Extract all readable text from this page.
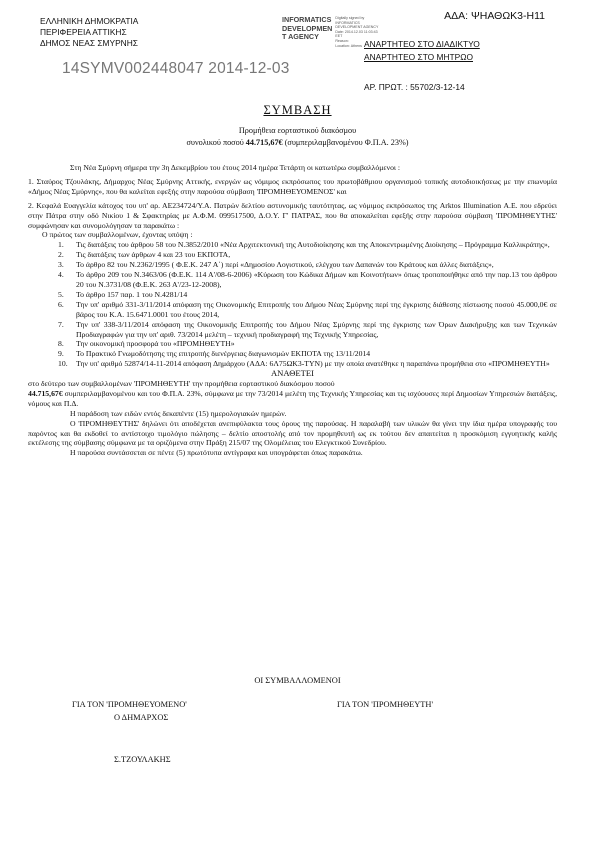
ΑΔΑ: ΨΗΑΘΩΚ3-Η11
ΕΛΛΗΝΙΚΗ ΔΗΜΟΚΡΑΤΙΑ
ΠΕΡΙΦΕΡΕΙΑ ΑΤΤΙΚΗΣ
ΔΗΜΟΣ ΝΕΑΣ ΣΜΥΡΝΗΣ
INFORMATICS
DEVELOPMEN
T AGENCY
Digitally signed by
INFORMATICS
DEVELOPMENT AGENCY
Date: 2014.12.03 11:03:43
EET
Reason:
Location: Athens ΑΝΑΡΤΗΤΕΟ ΣΤΟ ΔΙΑΔΙΚΤΥΟ
ΑΝΑΡΤΗΤΕΟ ΣΤΟ ΜΗΤΡΩΟ
14SYMV002448047 2014-12-03
ΑΡ. ΠΡΩΤ. : 55702/3-12-14
ΣΥΜΒΑΣΗ
Προμήθεια εορταστικού διακόσμου
συνολικού ποσού 44.715,67€ (συμπεριλαμβανομένου Φ.Π.Α. 23%)

Στη Νέα Σμύρνη σήμερα την 3η Δεκεμβρίου του έτους 2014 ημέρα Τετάρτη οι κατωτέρω συμβαλλόμενοι :

1. Σταύρος Τζουλάκης, Δήμαρχος Νέας Σμύρνης Αττικής, ενεργών ως νόμιμος εκπρόσωπος του πρωτοβάθμιου οργανισμού τοπικής αυτοδιοικήσεως με την επωνυμία «Δήμος Νέας Σμύρνης», που θα καλείται εφεξής στην παρούσα σύμβαση 'ΠΡΟΜΗΘΕΥΟΜΕΝΟΣ' και

2. Κεφαλά Ευαγγελία κάτοχος του υπ' αρ. ΑΕ234724/Υ.Α. Πατρών δελτίου αστυνομικής ταυτότητας, ως νόμιμος εκπρόσωπος της Arktos Illumination Α.Ε. που εδρεύει στην Πάτρα στην οδό Νικίου 1 & Σφακτηρίας με Α.Φ.Μ. 099517500, Δ.Ο.Υ. Γ' ΠΑΤΡΑΣ, που θα αποκαλείται εφεξής στην παρούσα σύμβαση 'ΠΡΟΜΗΘΕΥΤΗΣ' συμφώνησαν και συνομολόγησαν τα παρακάτω :

Ο πρώτος των συμβαλλομένων, έχοντας υπόψη :

1.	Τις διατάξεις του άρθρου 58 του Ν.3852/2010 «Νέα Αρχιτεκτονική της Αυτοδιοίκησης και της Αποκεντρωμένης Διοίκησης – Πρόγραμμα Καλλικράτης»,
2.	Τις διατάξεις των άρθρων 4 και 23 του ΕΚΠΟΤΑ,
3.	Το άρθρο 82 του Ν.2362/1995 ( Φ.Ε.Κ. 247 Α΄) περί «Δημοσίου Λογιστικού, ελέγχου των Δαπανών του Κράτους και άλλες διατάξεις»,
4.	Το άρθρο 209 του Ν.3463/06 (Φ.Ε.Κ. 114 Α'/08-6-2006) «Κύρωση του Κώδικα Δήμων και Κοινοτήτων» όπως τροποποιήθηκε από την παρ.13 του άρθρου 20 του Ν.3731/08 (Φ.Ε.Κ. 263 Α'/23-12-2008),
5.	Το άρθρο 157 παρ. 1 του Ν.4281/14
6.	Την υπ' αριθμό 331-3/11/2014 απόφαση της Οικονομικής Επιτροπής του Δήμου Νέας Σμύρνης περί της έγκρισης διάθεσης πίστωσης ποσού 45.000,0€ σε βάρος του Κ.Α. 15.6471.0001 του έτους 2014,
7.	Την υπ' 338-3/11/2014 απόφαση της Οικονομικής Επιτροπής του Δήμου Νέας Σμύρνης περί της έγκρισης των Όρων Διακήρυξης και των Τεχνικών Προδιαγραφών για την υπ' αριθ. 73/2014 μελέτη – τεχνική προδιαγραφή της Τεχνικής Υπηρεσίας,
8.	Την οικονομική προσφορά του «ΠΡΟΜΗΘΕΥΤΗ»
9.	Το Πρακτικό Γνωμοδότησης της επιτροπής διενέργειας διαγωνισμών ΕΚΠΟΤΑ της 13/11/2014
10.	Την υπ' αριθμό 52874/14-11-2014 απόφαση Δημάρχου (ΑΔΑ: 6Λ75ΩΚ3-ΤΥΝ) με την οποία ανατέθηκε η παραπάνω προμήθεια στο «ΠΡΟΜΗΘΕΥΤΗ»

ΑΝΑΘΕΤΕΙ

στο δεύτερο των συμβαλλομένων 'ΠΡΟΜΗΘΕΥΤΗ' την προμήθεια εορταστικού διακόσμου ποσού

44.715,67€ συμπεριλαμβανομένου και του Φ.Π.Α. 23%, σύμφωνα με την 73/2014 μελέτη της Τεχνικής Υπηρεσίας και τις ισχύουσες περί Δημοσίων Υπηρεσιών διατάξεις, νόμους και Π.Δ.

Η παράδοση των ειδών εντός δεκαπέντε (15) ημερολογιακών ημερών.

Ο 'ΠΡΟΜΗΘΕΥΤΗΣ' δηλώνει ότι αποδέχεται ανεπιφύλακτα τους όρους της παρούσας. Η παραλαβή των υλικών θα γίνει την ίδια ημέρα υπογραφής του παρόντος και θα εκδοθεί το αντίστοιχο τιμολόγιο πώλησης – δελτίο αποστολής από τον προμηθευτή ως εκ τούτου δεν απαιτείται η προσκόμιση εγγυητικής καλής εκτέλεσης της σύμβασης σύμφωνα με τα οριζόμενα στην Πράξη 215/07 της Ολομέλειας του Ελεγκτικού Συνεδρίου.

Η παρούσα συντάσσεται σε πέντε (5) πρωτότυπα αντίγραφα και υπογράφεται όπως παρακάτω.

ΟΙ ΣΥΜΒΑΛΛΟΜΕΝΟΙ
ΓΙΑ ΤΟΝ 'ΠΡΟΜΗΘΕΥΟΜΕΝΟ'
Ο ΔΗΜΑΡΧΟΣ
ΓΙΑ ΤΟΝ 'ΠΡΟΜΗΘΕΥΤΗ'
Σ.ΤΖΟΥΛΑΚΗΣ
